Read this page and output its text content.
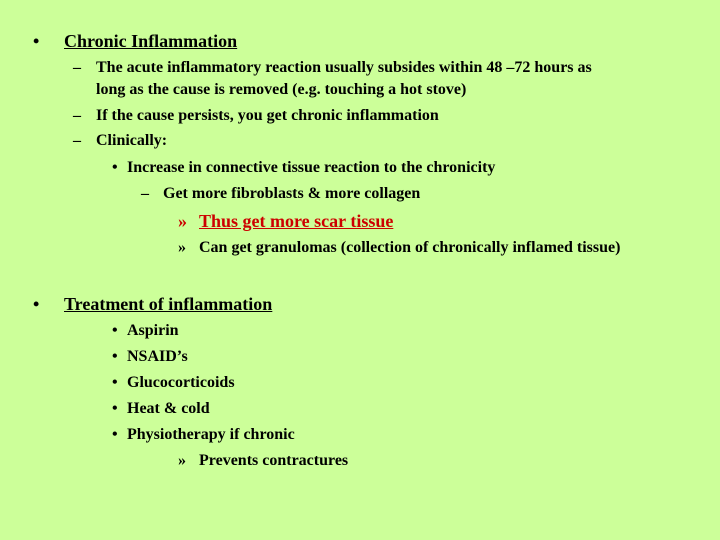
• Chronic Inflammation
– The acute inflammatory reaction usually subsides within 48 –72 hours as
long as the cause is removed (e.g. touching a hot stove)
– If the cause persists, you get chronic inflammation
– Clinically:
• Increase in connective tissue reaction to the chronicity
– Get more fibroblasts & more collagen
» Thus get more scar tissue
» Can get granulomas (collection of chronically inflamed tissue)
• Treatment of inflammation
• Aspirin
• NSAID’s
• Glucocorticoids
• Heat & cold
• Physiotherapy if chronic
» Prevents contractures
